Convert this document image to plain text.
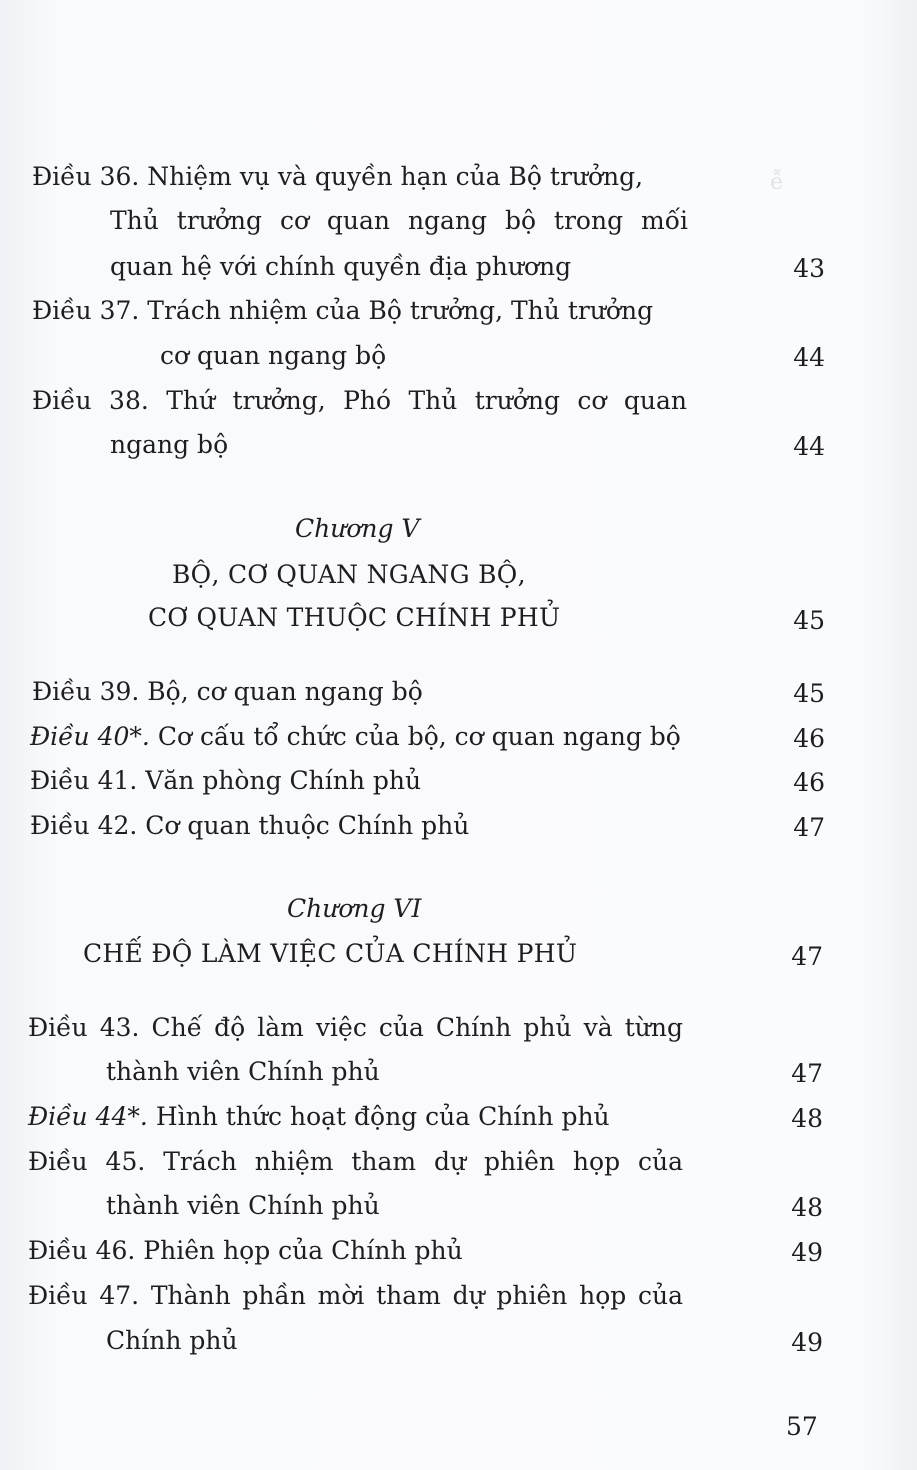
ễ
Điều 36. Nhiệm vụ và quyền hạn của Bộ trưởng,
Thủ trưởng cơ quan ngang bộ trong mối
quan hệ với chính quyền địa phương	43
Điều 37. Trách nhiệm của Bộ trưởng, Thủ trưởng
cơ quan ngang bộ	44
Điều 38. Thứ trưởng, Phó Thủ trưởng cơ quan
ngang bộ	44
Chương V
BỘ, CƠ QUAN NGANG BỘ,
CƠ QUAN THUỘC CHÍNH PHỦ	45
Điều 39. Bộ, cơ quan ngang bộ	45
Điều 40*. Cơ cấu tổ chức của bộ, cơ quan ngang bộ	46
Điều 41. Văn phòng Chính phủ	46
Điều 42. Cơ quan thuộc Chính phủ	47
Chương VI
CHẾ ĐỘ LÀM VIỆC CỦA CHÍNH PHỦ	47
Điều 43. Chế độ làm việc của Chính phủ và từng
thành viên Chính phủ	47
Điều 44*. Hình thức hoạt động của Chính phủ	48
Điều 45. Trách nhiệm tham dự phiên họp của
thành viên Chính phủ	48
Điều 46. Phiên họp của Chính phủ	49
Điều 47. Thành phần mời tham dự phiên họp của
Chính phủ	49
57
